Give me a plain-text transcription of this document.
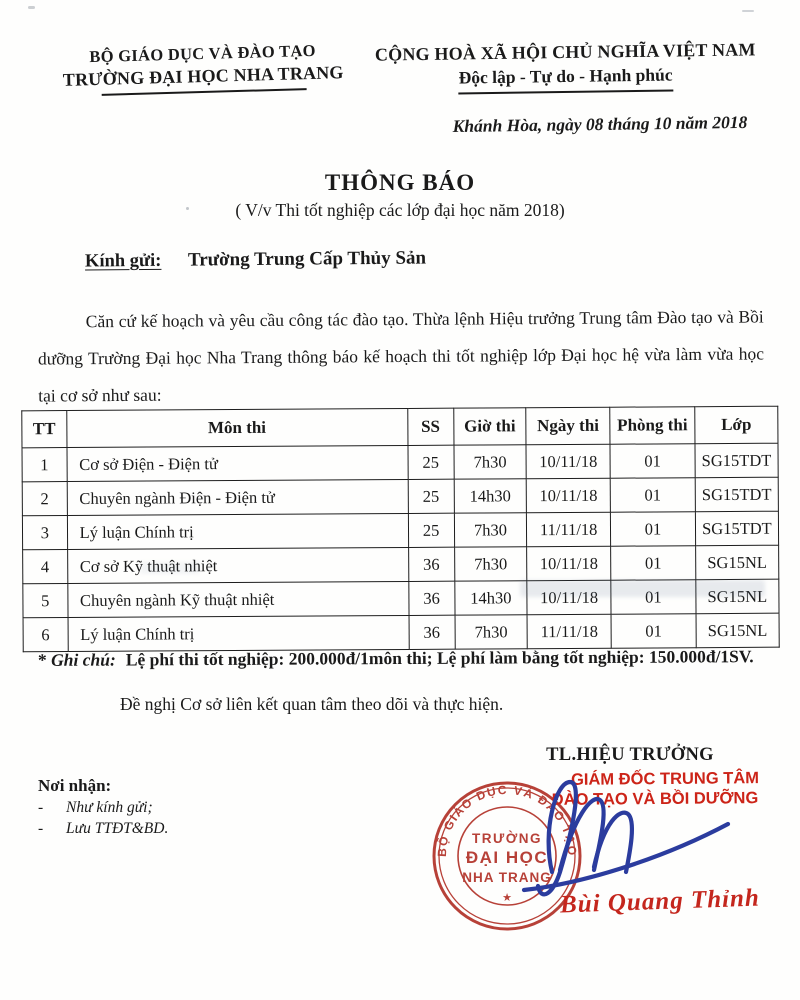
BỘ GIÁO DỤC VÀ ĐÀO TẠO
TRƯỜNG ĐẠI HỌC NHA TRANG
CỘNG HOÀ XÃ HỘI CHỦ NGHĨA VIỆT NAM
Độc lập - Tự do - Hạnh phúc
Khánh Hòa, ngày 08 tháng 10 năm 2018
THÔNG BÁO
( V/v Thi tốt nghiệp các lớp đại học năm 2018)
Kính gửi: Trường Trung Cấp Thủy Sản
Căn cứ kế hoạch và yêu cầu công tác đào tạo. Thừa lệnh Hiệu trưởng Trung tâm Đào tạo và Bồi dưỡng Trường Đại học Nha Trang thông báo kế hoạch thi tốt nghiệp lớp Đại học hệ vừa làm vừa học tại cơ sở như sau:
TT	Môn thi	SS	Giờ thi	Ngày thi	Phòng thi	Lớp
1	Cơ sở Điện - Điện tử	25	7h30	10/11/18	01	SG15TDT
2	Chuyên ngành Điện - Điện tử	25	14h30	10/11/18	01	SG15TDT
3	Lý luận Chính trị	25	7h30	11/11/18	01	SG15TDT
4	Cơ sở Kỹ thuật nhiệt	36	7h30	10/11/18	01	SG15NL
5	Chuyên ngành Kỹ thuật nhiệt	36	14h30	10/11/18	01	SG15NL
6	Lý luận Chính trị	36	7h30	11/11/18	01	SG15NL
* Ghi chú: Lệ phí thi tốt nghiệp: 200.000đ/1môn thi; Lệ phí làm bằng tốt nghiệp: 150.000đ/1SV.
Đề nghị Cơ sở liên kết quan tâm theo dõi và thực hiện.
TL.HIỆU TRƯỞNG
GIÁM ĐỐC TRUNG TÂM
ĐÀO TẠO VÀ BỒI DƯỠNG
BỘ GIÁO DỤC VÀ ĐÀO TẠO
TRƯỜNG
ĐẠI HỌC
NHA TRANG
★ Bùi Quang Thỉnh
Nơi nhận:
- Như kính gửi;
- Lưu TTĐT&BD.
